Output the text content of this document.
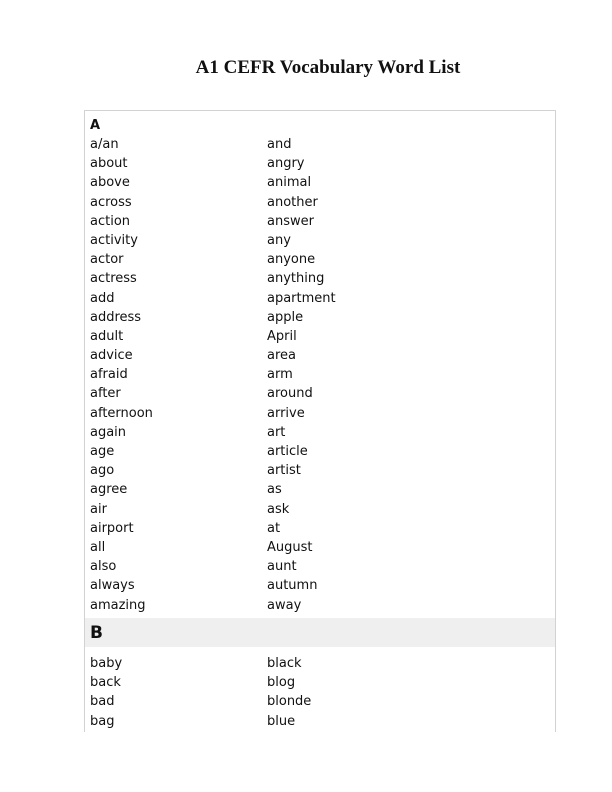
A1 CEFR Vocabulary Word List
A
a/an
about
above
across
action
activity
actor
actress
add
address
adult
advice
afraid
after
afternoon
again
age
ago
agree
air
airport
all
also
always
amazing
and
angry
animal
another
answer
any
anyone
anything
apartment
apple
April
area
arm
around
arrive
art
article
artist
as
ask
at
August
aunt
autumn
away
B
baby
back
bad
bag
black
blog
blonde
blue
